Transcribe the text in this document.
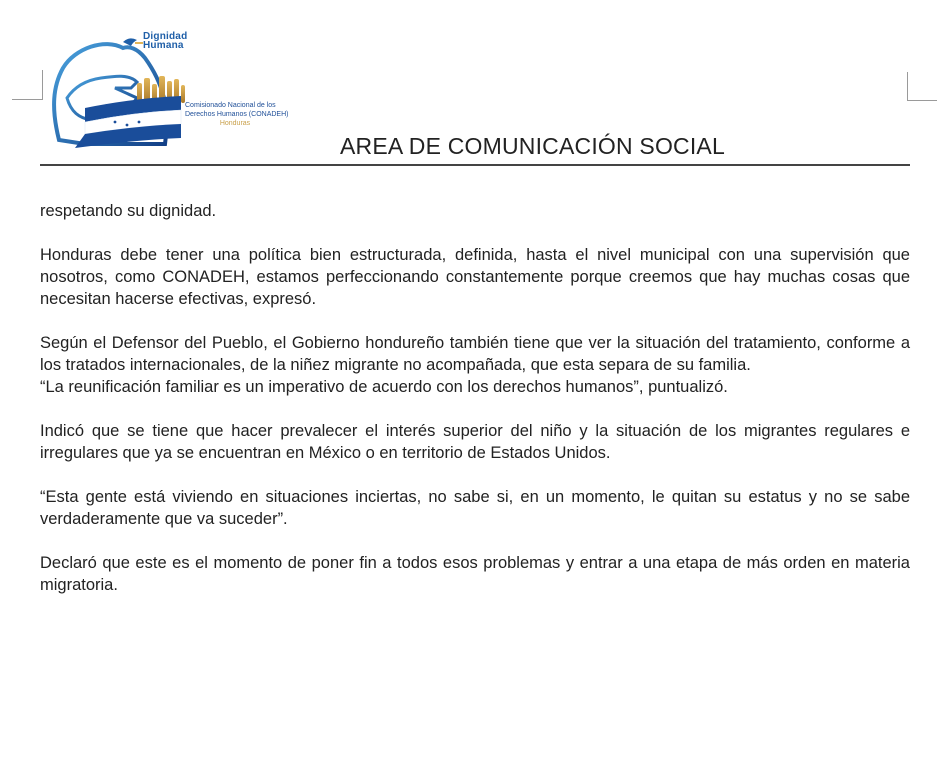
Dignidad
Humana
Comisionado Nacional de los
Derechos Humanos (CONADEH)
Honduras
AREA DE COMUNICACIÓN SOCIAL

respetando su dignidad.

Honduras debe tener una política bien estructurada, definida, hasta el nivel municipal con una supervisión que nosotros, como CONADEH, estamos perfeccionando constantemente porque creemos que hay muchas cosas que necesitan hacerse efectivas, expresó.

Según el Defensor del Pueblo, el Gobierno hondureño también tiene que ver la situación del tratamiento, conforme a los tratados internacionales, de la niñez migrante no acompañada, que esta separa de su familia.

“La reunificación familiar es un imperativo de acuerdo con los derechos humanos”, puntualizó.

Indicó que se tiene que hacer prevalecer el interés superior del niño y la situación de los migrantes regulares e irregulares que ya se encuentran en México o en territorio de Estados Unidos.

“Esta gente está viviendo en situaciones inciertas, no sabe si, en un momento, le quitan su estatus y no se sabe verdaderamente que va suceder”.

Declaró que este es el momento de poner fin a todos esos problemas y entrar a una etapa de más orden en materia migratoria.
